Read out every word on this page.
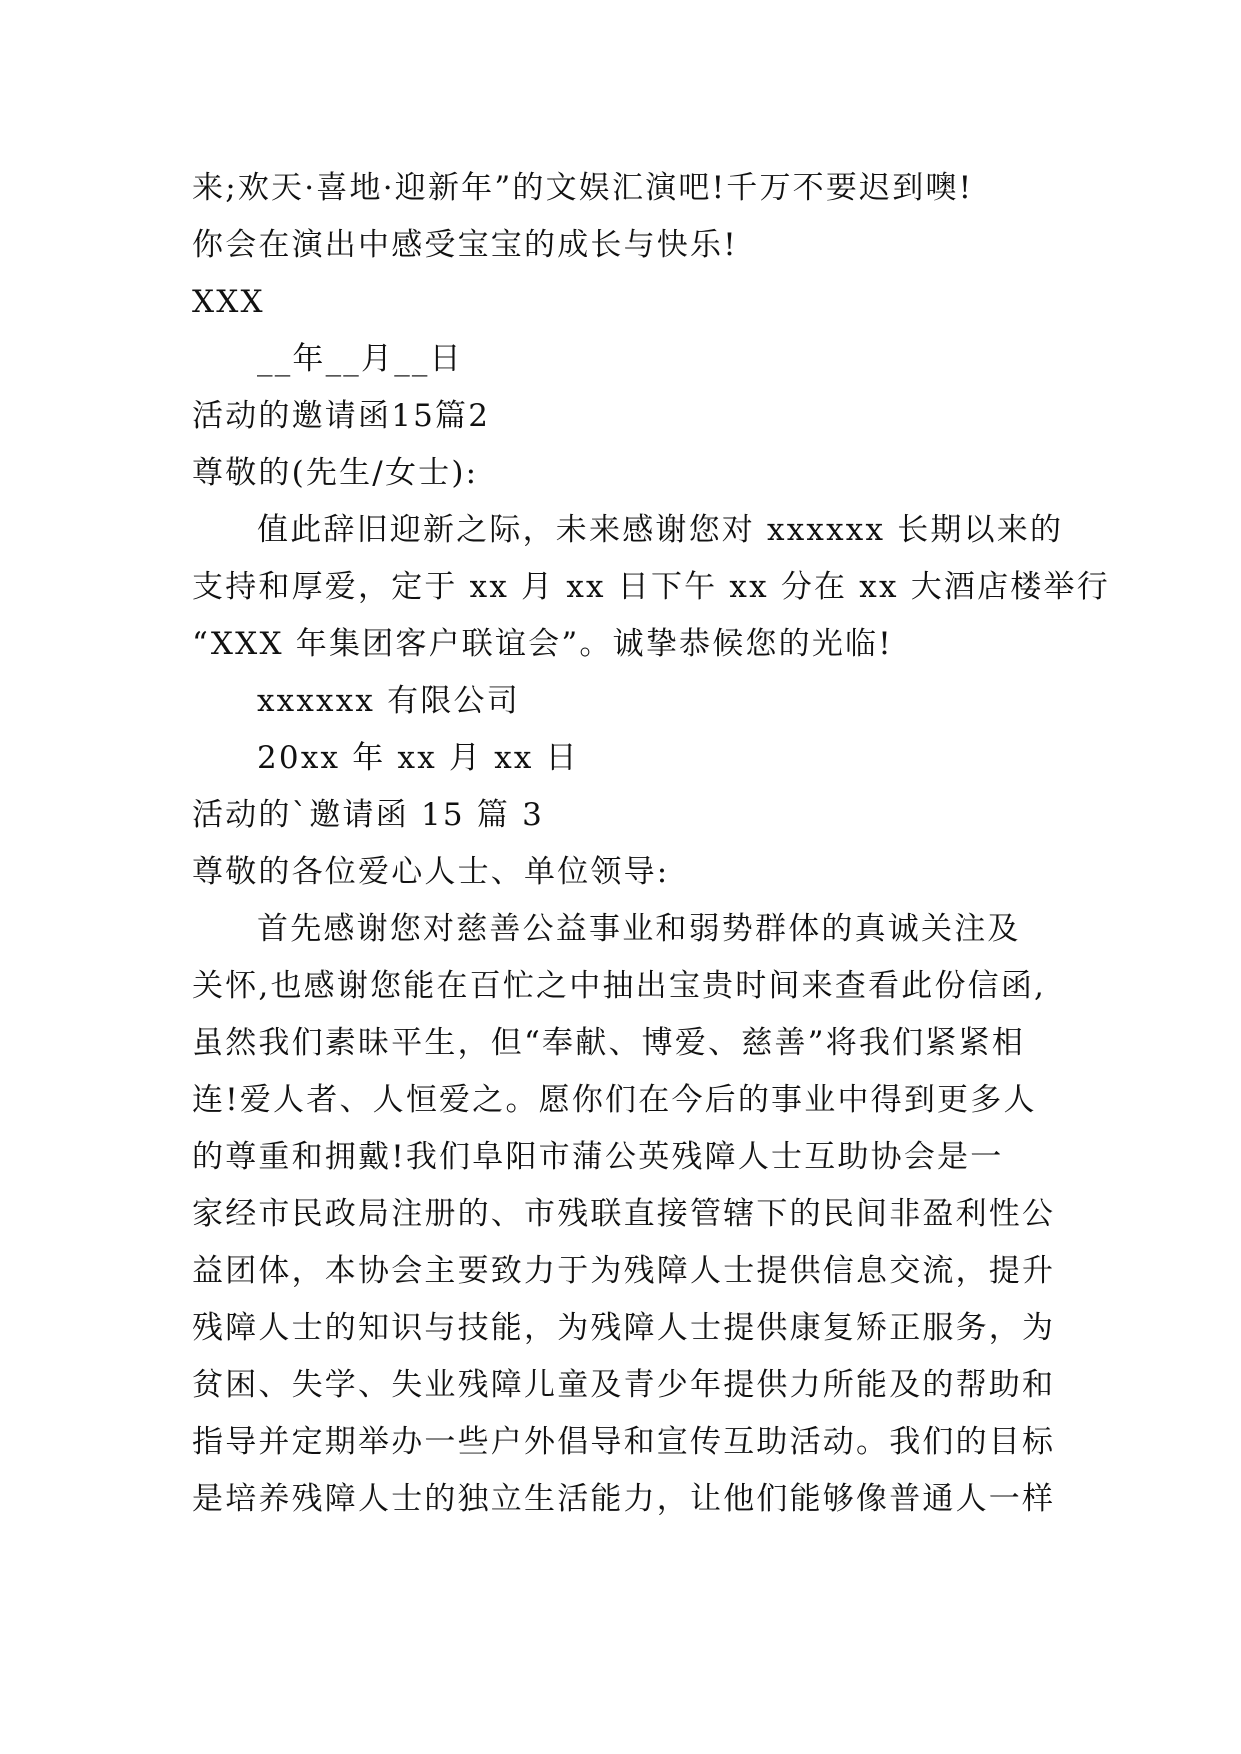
来;欢天·喜地·迎新年”的文娱汇演吧!千万不要迟到噢!
你会在演出中感受宝宝的成长与快乐!
XXX
__年__月__日
活动的邀请函15篇2
尊敬的(先生/女士):
值此辞旧迎新之际，未来感谢您对 xxxxxx 长期以来的
支持和厚爱，定于 xx 月 xx 日下午 xx 分在 xx 大酒店楼举行
“XXX 年集团客户联谊会”。诚挚恭候您的光临!
xxxxxx 有限公司
20xx 年 xx 月 xx 日
活动的`邀请函 15 篇 3
尊敬的各位爱心人士、单位领导:
首先感谢您对慈善公益事业和弱势群体的真诚关注及
关怀,也感谢您能在百忙之中抽出宝贵时间来查看此份信函,
虽然我们素昧平生，但“奉献、博爱、慈善”将我们紧紧相
连!爱人者、人恒爱之。愿你们在今后的事业中得到更多人
的尊重和拥戴!我们阜阳市蒲公英残障人士互助协会是一
家经市民政局注册的、市残联直接管辖下的民间非盈利性公
益团体，本协会主要致力于为残障人士提供信息交流，提升
残障人士的知识与技能，为残障人士提供康复矫正服务，为
贫困、失学、失业残障儿童及青少年提供力所能及的帮助和
指导并定期举办一些户外倡导和宣传互助活动。我们的目标
是培养残障人士的独立生活能力，让他们能够像普通人一样
